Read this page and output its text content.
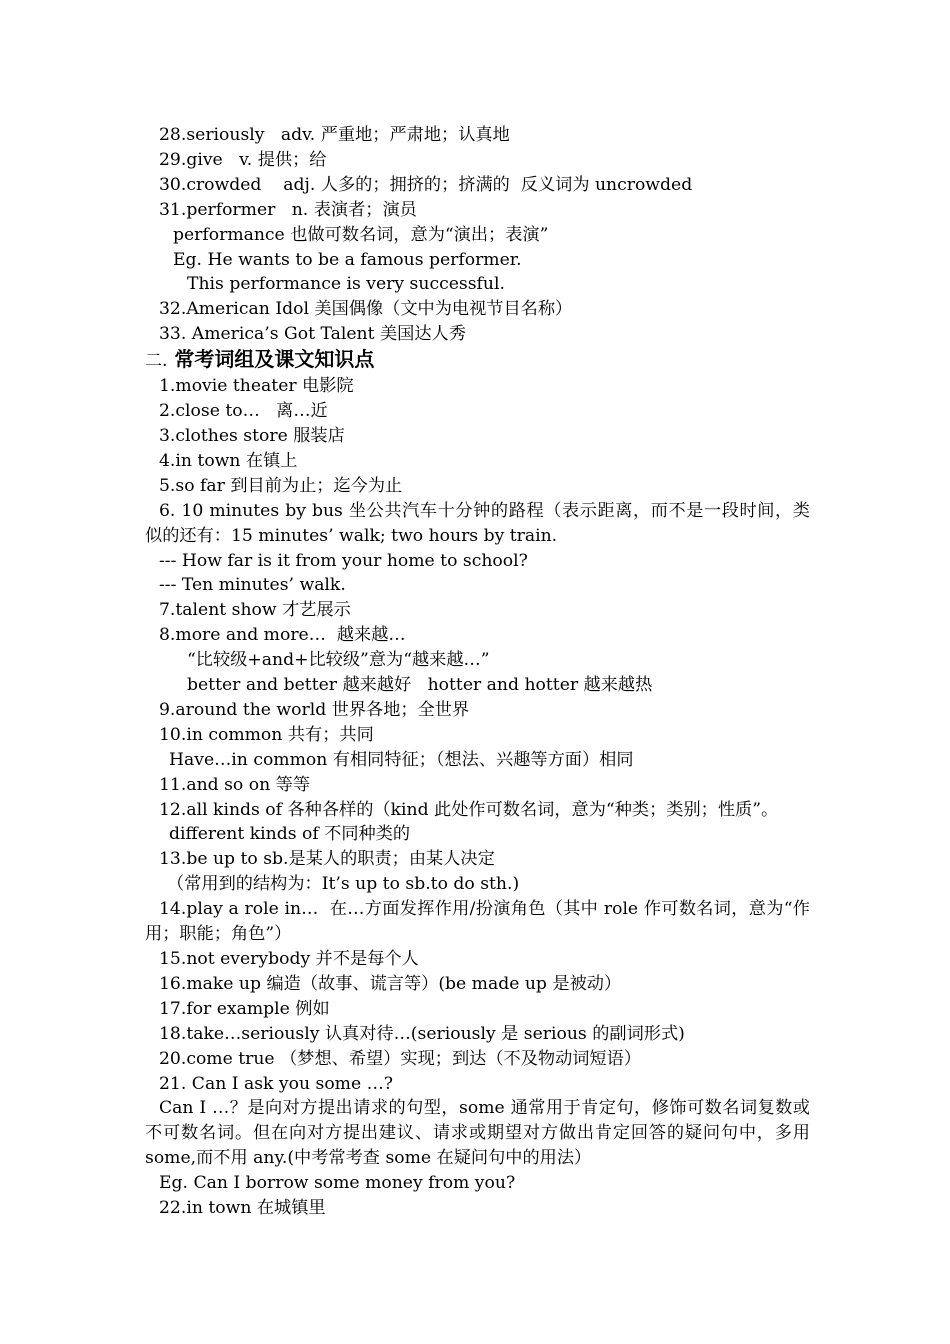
28.seriously   adv. 严重地；严肃地；认真地
29.give   v. 提供；给
30.crowded    adj. 人多的；拥挤的；挤满的  反义词为 uncrowded
31.performer   n. 表演者；演员
performance 也做可数名词，意为“演出；表演”
Eg. He wants to be a famous performer.
This performance is very successful.
32.American Idol 美国偶像（文中为电视节目名称）
33. America’s Got Talent 美国达人秀
二. 常考词组及课文知识点
1.movie theater 电影院
2.close to…   离…近
3.clothes store 服装店
4.in town 在镇上
5.so far 到目前为止；迄今为止
6. 10 minutes by bus 坐公共汽车十分钟的路程（表示距离，而不是一段时间，类似的还有：15 minutes’ walk; two hours by train.
--- How far is it from your home to school?
--- Ten minutes’ walk.
7.talent show 才艺展示
8.more and more…  越来越…
“比较级+and+比较级”意为“越来越…”
better and better 越来越好   hotter and hotter 越来越热
9.around the world 世界各地；全世界
10.in common 共有；共同
Have…in common 有相同特征；（想法、兴趣等方面）相同
11.and so on 等等
12.all kinds of 各种各样的（kind 此处作可数名词，意为“种类；类别；性质”。
different kinds of 不同种类的
13.be up to sb.是某人的职责；由某人决定
（常用到的结构为：It’s up to sb.to do sth.)
14.play a role in…  在…方面发挥作用/扮演角色（其中 role 作可数名词，意为“作用；职能；角色”）
15.not everybody 并不是每个人
16.make up 编造（故事、谎言等）(be made up 是被动）
17.for example 例如
18.take…seriously 认真对待…(seriously 是 serious 的副词形式)
20.come true （梦想、希望）实现；到达（不及物动词短语）
21. Can I ask you some …?
Can I …？是向对方提出请求的句型，some 通常用于肯定句，修饰可数名词复数或不可数名词。但在向对方提出建议、请求或期望对方做出肯定回答的疑问句中，多用 some,而不用 any.(中考常考查 some 在疑问句中的用法）
Eg. Can I borrow some money from you?
22.in town 在城镇里
